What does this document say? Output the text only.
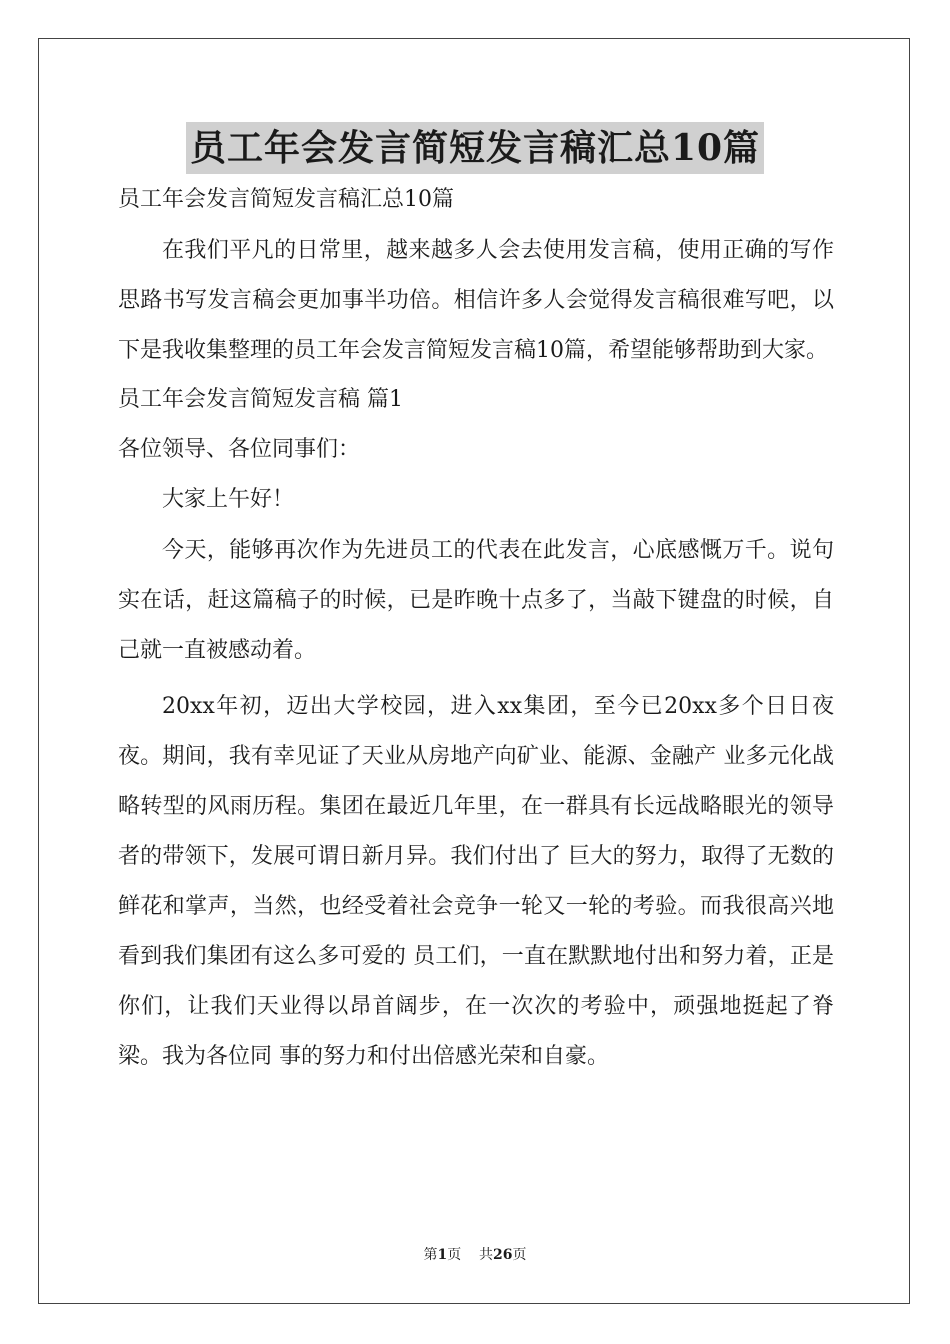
员工年会发言简短发言稿汇总10篇

员工年会发言简短发言稿汇总10篇

在我们平凡的日常里，越来越多人会去使用发言稿，使用正确的写作思路书写发言稿会更加事半功倍。相信许多人会觉得发言稿很难写吧，以下是我收集整理的员工年会发言简短发言稿10篇，希望能够帮助到大家。

员工年会发言简短发言稿 篇1

各位领导、各位同事们：

大家上午好！

今天，能够再次作为先进员工的代表在此发言，心底感慨万千。说句实在话，赶这篇稿子的时候，已是昨晚十点多了，当敲下键盘的时候，自己就一直被感动着。

20xx年初，迈出大学校园，进入xx集团，至今已20xx多个日日夜夜。期间，我有幸见证了天业从房地产向矿业、能源、金融产 业多元化战略转型的风雨历程。集团在最近几年里，在一群具有长远战略眼光的领导者的带领下，发展可谓日新月异。我们付出了 巨大的努力，取得了无数的鲜花和掌声，当然，也经受着社会竞争一轮又一轮的考验。而我很高兴地看到我们集团有这么多可爱的 员工们，一直在默默地付出和努力着，正是你们，让我们天业得以昂首阔步，在一次次的考验中，顽强地挺起了脊梁。我为各位同 事的努力和付出倍感光荣和自豪。

第1页 共26页
